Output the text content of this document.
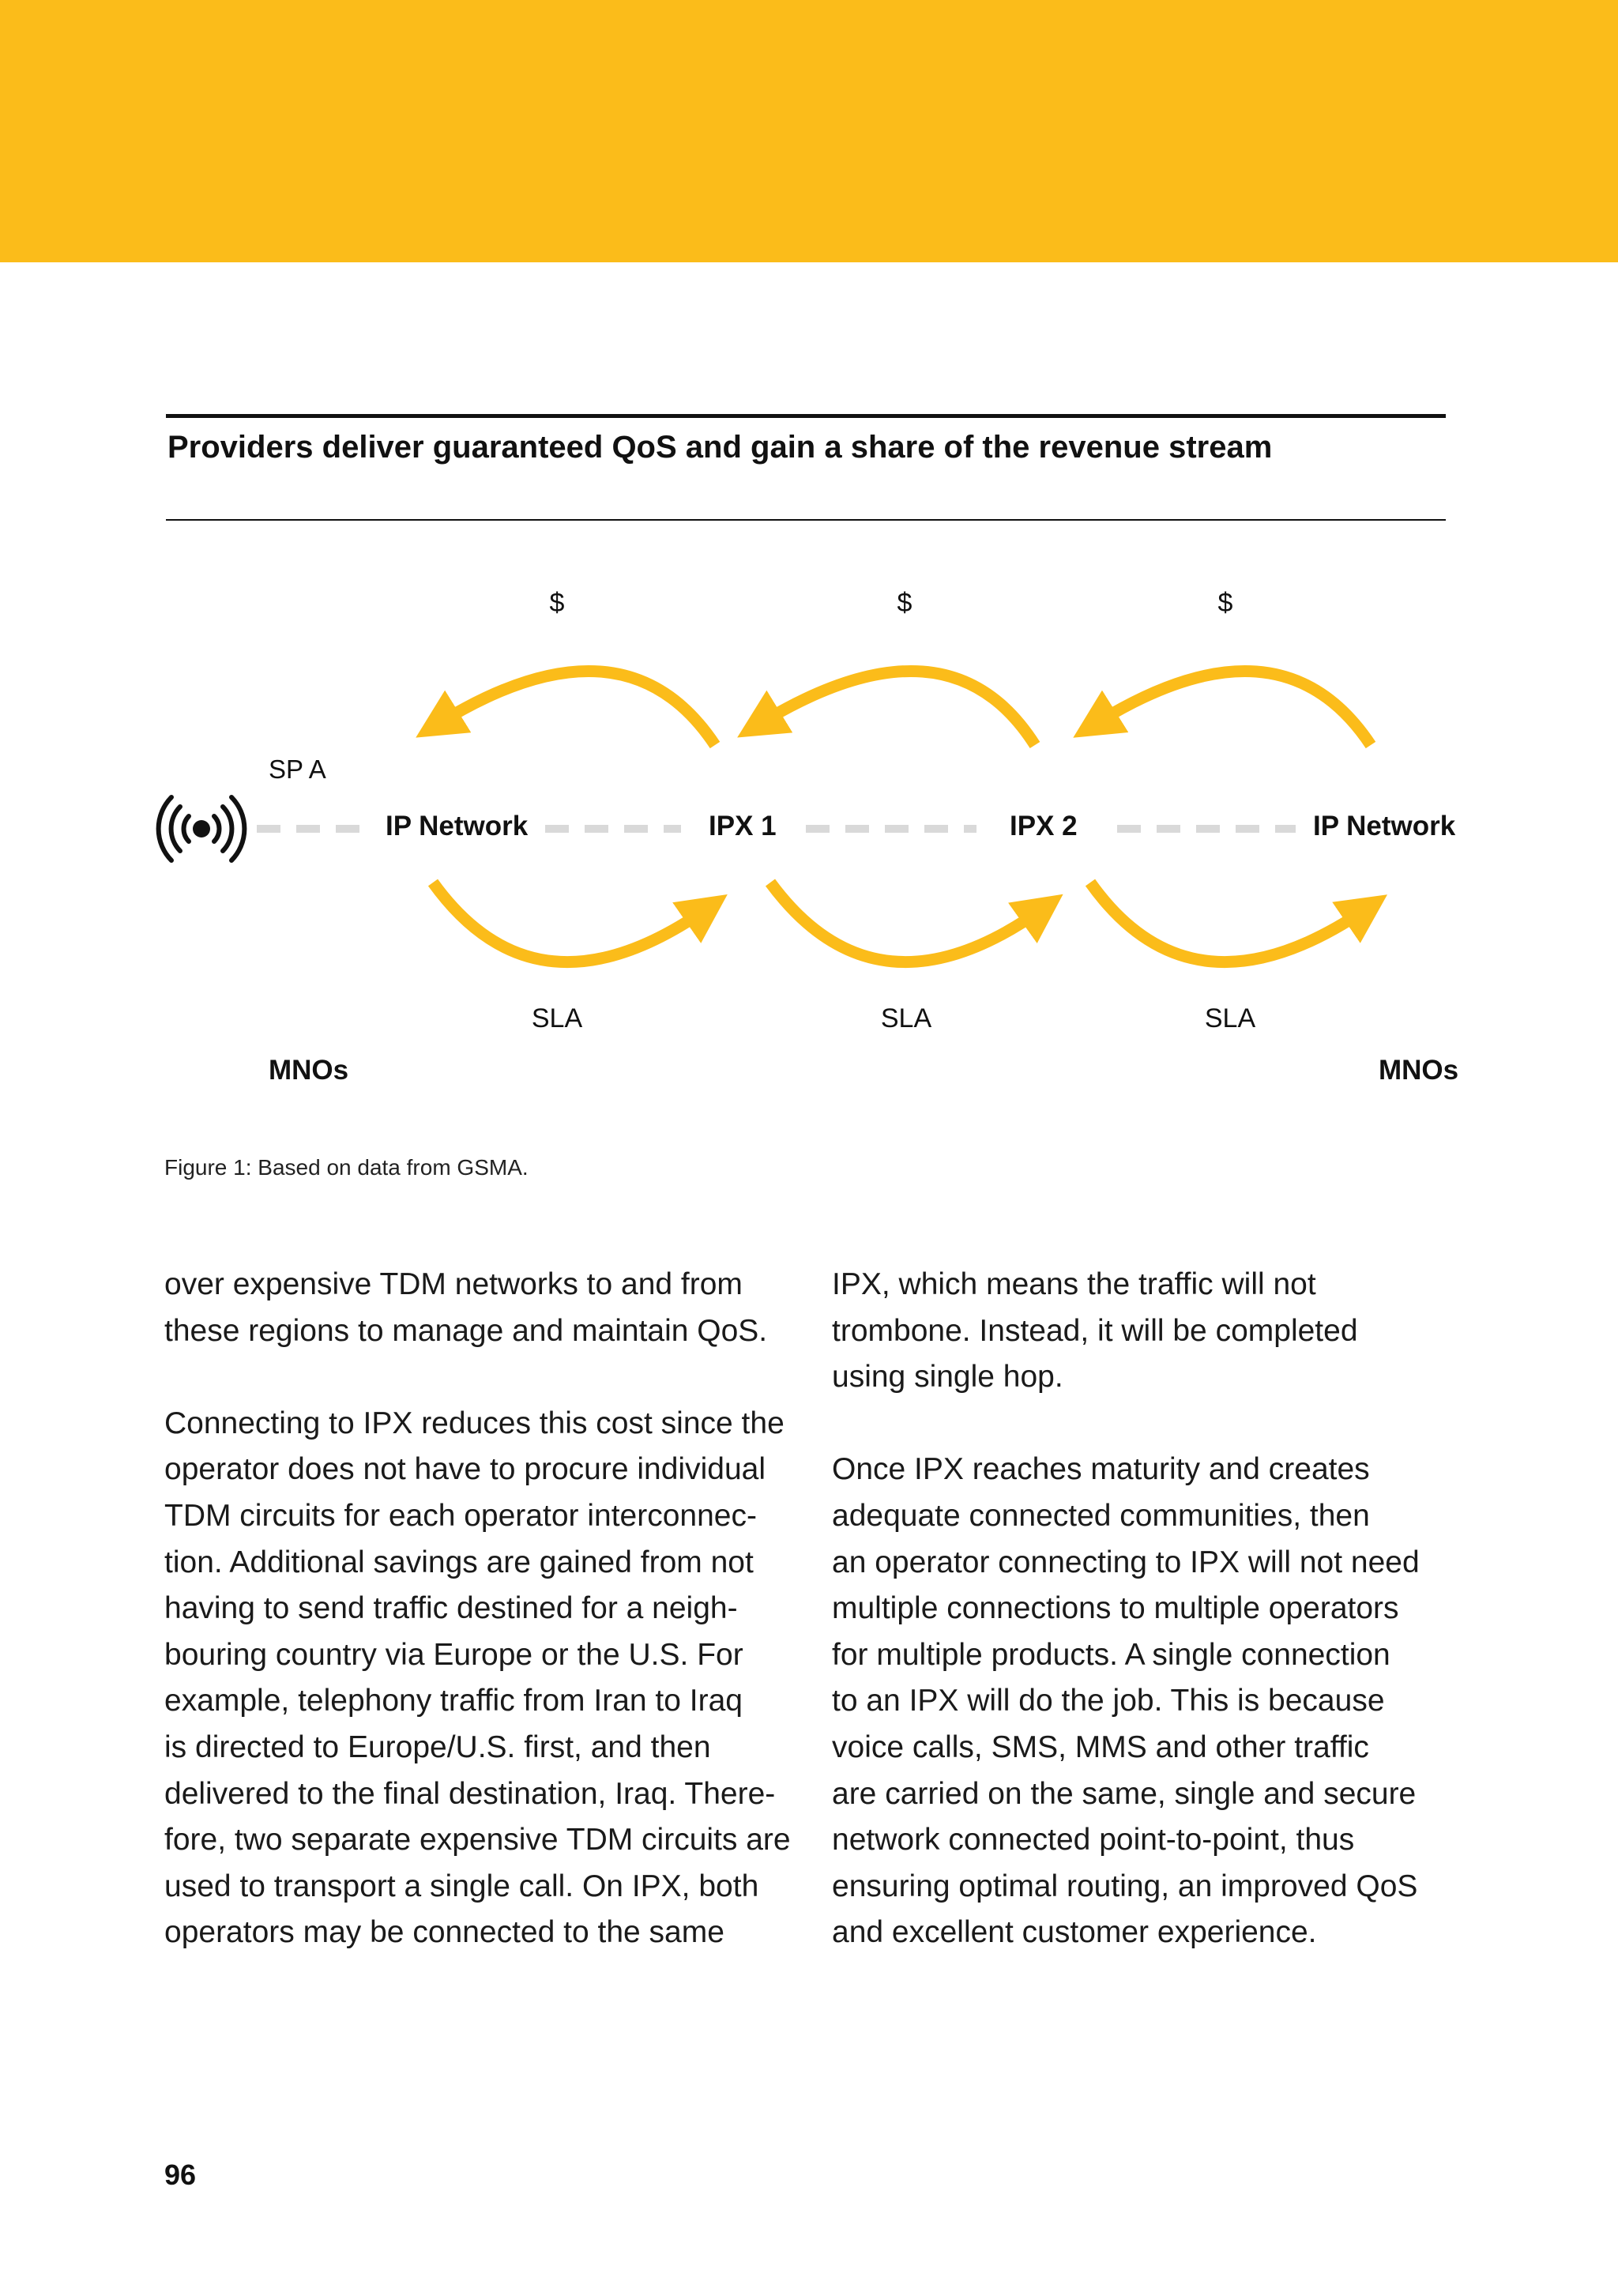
Providers deliver guaranteed QoS and gain a share of the revenue stream
SP A
IP Network	IPX 1	IPX 2	IP Network
$	$	$
SLA	SLA	SLA
MNOs	MNOs
Figure 1: Based on data from GSMA.

over expensive TDM networks to and from
these regions to manage and maintain QoS.

Connecting to IPX reduces this cost since the
operator does not have to procure individual
TDM circuits for each operator interconnec-
tion. Additional savings are gained from not
having to send traffic destined for a neigh-
bouring country via Europe or the U.S. For
example, telephony traffic from Iran to Iraq
is directed to Europe/U.S. first, and then
delivered to the final destination, Iraq. There-
fore, two separate expensive TDM circuits are
used to transport a single call. On IPX, both
operators may be connected to the same

IPX, which means the traffic will not
trombone. Instead, it will be completed
using single hop.

Once IPX reaches maturity and creates
adequate connected communities, then
an operator connecting to IPX will not need
multiple connections to multiple operators
for multiple products. A single connection
to an IPX will do the job. This is because
voice calls, SMS, MMS and other traffic
are carried on the same, single and secure
network connected point-to-point, thus
ensuring optimal routing, an improved QoS
and excellent customer experience.

96
